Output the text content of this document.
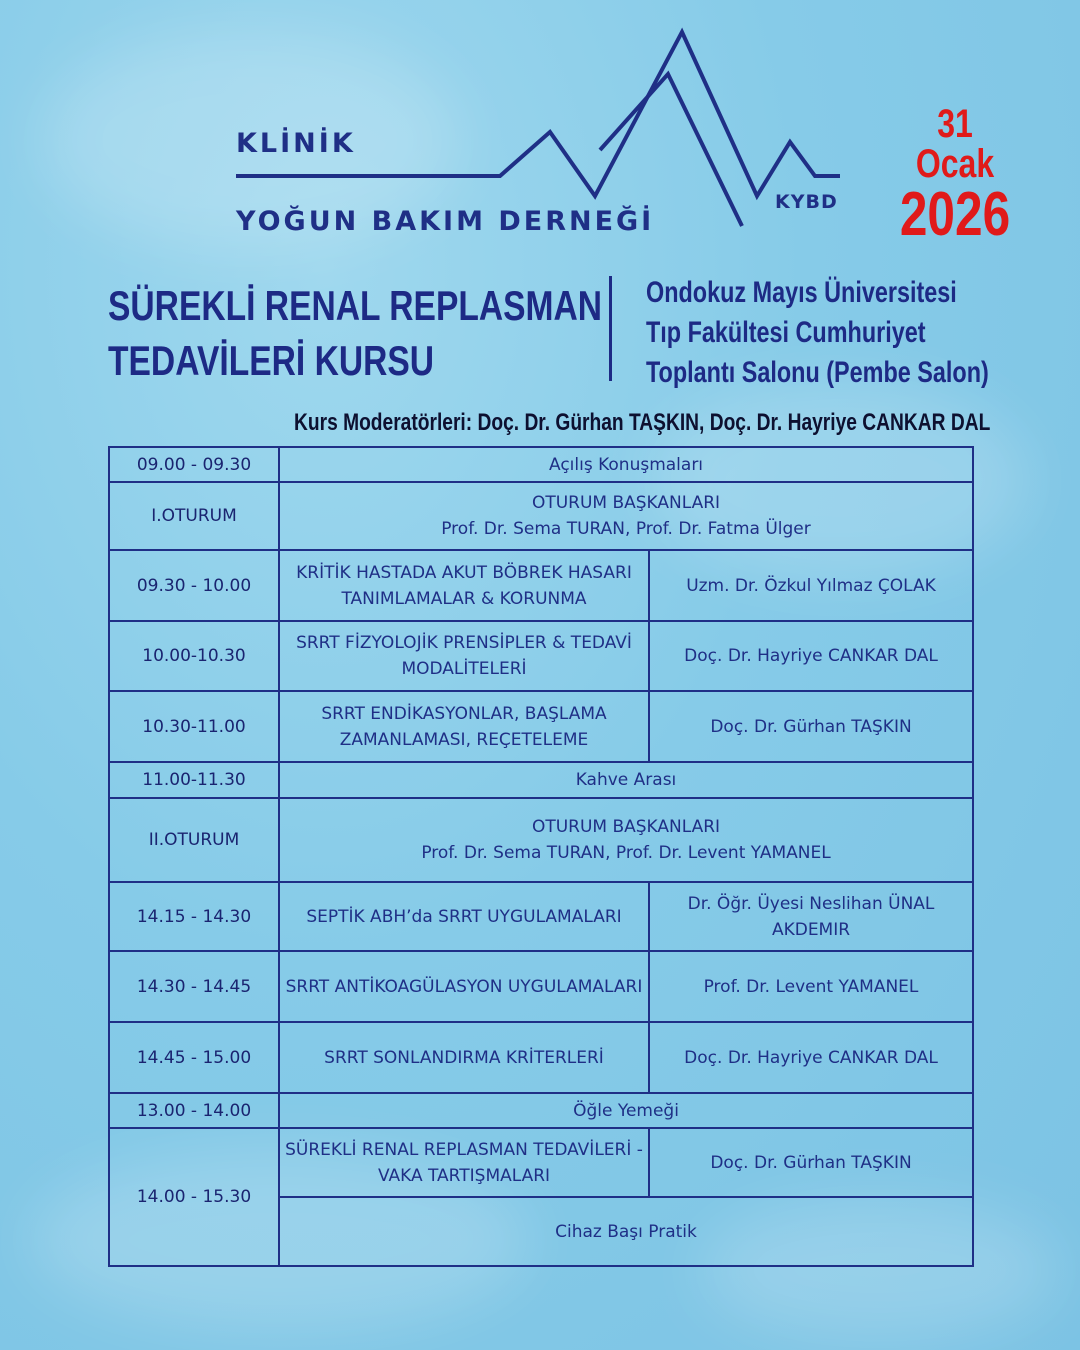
KLİNİK
YOĞUN BAKIM DERNEĞİ
KYBD
31 Ocak
2026
SÜREKLİ RENAL REPLASMAN
TEDAVİLERİ KURSU
Ondokuz Mayıs Üniversitesi
Tıp Fakültesi Cumhuriyet
Toplantı Salonu (Pembe Salon)
Kurs Moderatörleri: Doç. Dr. Gürhan TAŞKIN, Doç. Dr. Hayriye CANKAR DAL
09.00 - 09.30	Açılış Konuşmaları	
I.OTURUM	OTURUM BAŞKANLARI
Prof. Dr. Sema TURAN, Prof. Dr. Fatma Ülger	

09.30 - 10.00	KRİTİK HASTADA AKUT BÖBREK HASARI TANIMLAMALAR & KORUNMA	Uzm. Dr. Özkul Yılmaz ÇOLAK
10.00-10.30	SRRT FİZYOLOJİK PRENSİPLER & TEDAVİ MODALİTELERİ	Doç. Dr. Hayriye CANKAR DAL
10.30-11.00	SRRT ENDİKASYONLAR, BAŞLAMA ZAMANLAMASI, REÇETELEME	Doç. Dr. Gürhan TAŞKIN
11.00-11.30	Kahve Arası	
II.OTURUM	OTURUM BAŞKANLARI
Prof. Dr. Sema TURAN, Prof. Dr. Levent YAMANEL	

14.15 - 14.30	SEPTİK ABH’da SRRT UYGULAMALARI	Dr. Öğr. Üyesi Neslihan ÜNAL AKDEMIR
14.30 - 14.45	SRRT ANTİKOAGÜLASYON UYGULAMALARI	Prof. Dr. Levent YAMANEL
14.45 - 15.00	SRRT SONLANDIRMA KRİTERLERİ	Doç. Dr. Hayriye CANKAR DAL
13.00 - 14.00	Öğle Yemeği	
14.00 - 15.30	SÜREKLİ RENAL REPLASMAN TEDAVİLERİ -VAKA TARTIŞMALARI	Doç. Dr. Gürhan TAŞKIN
	Cihaz Başı Pratik	
